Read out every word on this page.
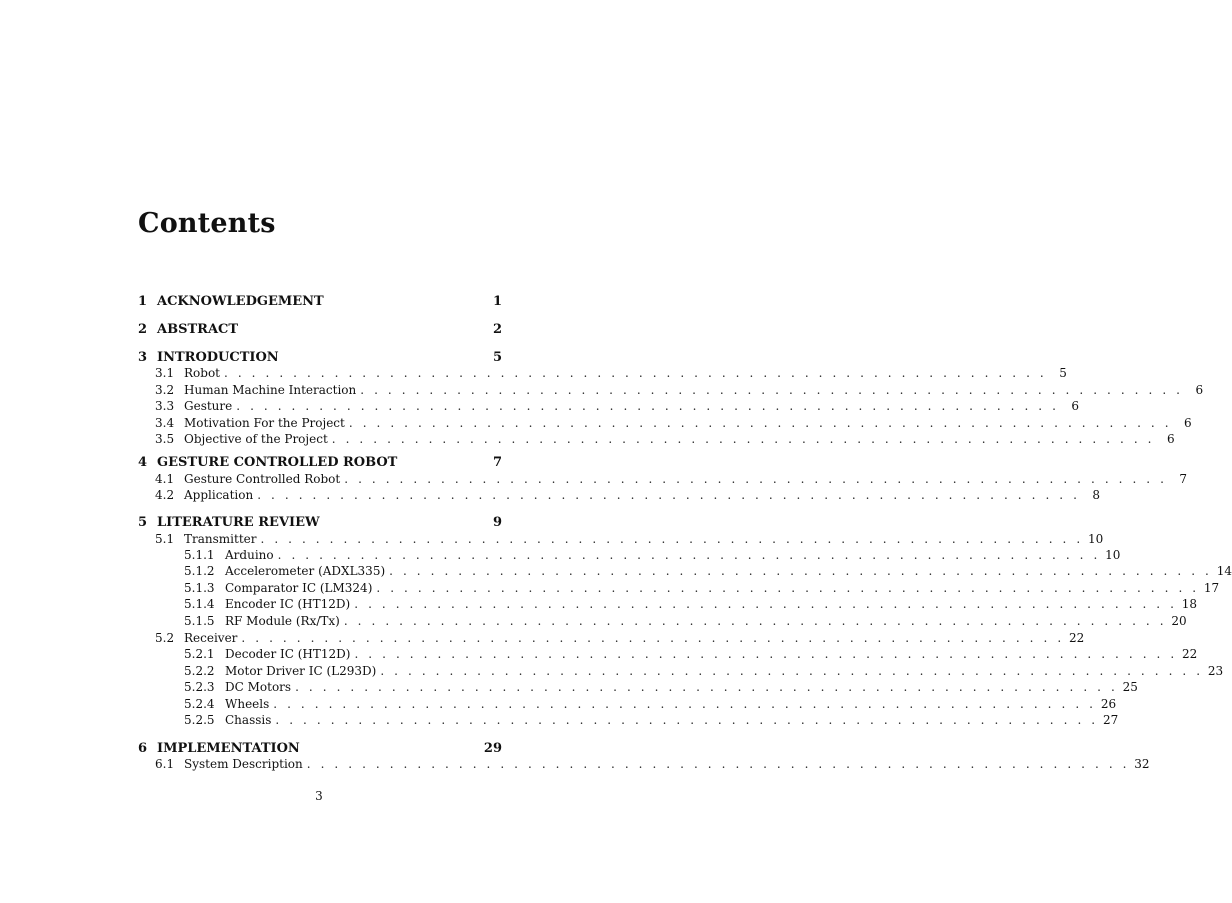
Contents
1 ACKNOWLEDGEMENT	1
2 ABSTRACT	2
3 INTRODUCTION	5
3.1 Robot . . . . . . . . . . . . . . . . . . . . . . . . . . . . . . . . . . . . . . . . . . . . . . . . . . . . . . . . . . . .	5
3.2 Human Machine Interaction . . . . . . . . . . . . . . . . . . . . . . . . . . . . . . . . . . . . . . . . . . . . . . . . . . . . . . . . . . . .	6
3.3 Gesture . . . . . . . . . . . . . . . . . . . . . . . . . . . . . . . . . . . . . . . . . . . . . . . . . . . . . . . . . . . .	6
3.4 Motivation For the Project . . . . . . . . . . . . . . . . . . . . . . . . . . . . . . . . . . . . . . . . . . . . . . . . . . . . . . . . . . . .	6
3.5 Objective of the Project . . . . . . . . . . . . . . . . . . . . . . . . . . . . . . . . . . . . . . . . . . . . . . . . . . . . . . . . . . . .	6
4 GESTURE CONTROLLED ROBOT	7
4.1 Gesture Controlled Robot . . . . . . . . . . . . . . . . . . . . . . . . . . . . . . . . . . . . . . . . . . . . . . . . . . . . . . . . . . . .	7
4.2 Application . . . . . . . . . . . . . . . . . . . . . . . . . . . . . . . . . . . . . . . . . . . . . . . . . . . . . . . . . . . .	8
5 LITERATURE REVIEW	9
5.1 Transmitter . . . . . . . . . . . . . . . . . . . . . . . . . . . . . . . . . . . . . . . . . . . . . . . . . . . . . . . . . . . . 10
5.1.1 Arduino . . . . . . . . . . . . . . . . . . . . . . . . . . . . . . . . . . . . . . . . . . . . . . . . . . . . . . . . . . . . 10
5.1.2 Accelerometer (ADXL335) . . . . . . . . . . . . . . . . . . . . . . . . . . . . . . . . . . . . . . . . . . . . . . . . . . . . . . . . . . . . 14
5.1.3 Comparator IC (LM324) . . . . . . . . . . . . . . . . . . . . . . . . . . . . . . . . . . . . . . . . . . . . . . . . . . . . . . . . . . . . 17
5.1.4 Encoder IC (HT12D) . . . . . . . . . . . . . . . . . . . . . . . . . . . . . . . . . . . . . . . . . . . . . . . . . . . . . . . . . . . . 18
5.1.5 RF Module (Rx/Tx) . . . . . . . . . . . . . . . . . . . . . . . . . . . . . . . . . . . . . . . . . . . . . . . . . . . . . . . . . . . . 20
5.2 Receiver . . . . . . . . . . . . . . . . . . . . . . . . . . . . . . . . . . . . . . . . . . . . . . . . . . . . . . . . . . . . 22
5.2.1 Decoder IC (HT12D) . . . . . . . . . . . . . . . . . . . . . . . . . . . . . . . . . . . . . . . . . . . . . . . . . . . . . . . . . . . . 22
5.2.2 Motor Driver IC (L293D) . . . . . . . . . . . . . . . . . . . . . . . . . . . . . . . . . . . . . . . . . . . . . . . . . . . . . . . . . . . . 23
5.2.3 DC Motors . . . . . . . . . . . . . . . . . . . . . . . . . . . . . . . . . . . . . . . . . . . . . . . . . . . . . . . . . . . . 25
5.2.4 Wheels . . . . . . . . . . . . . . . . . . . . . . . . . . . . . . . . . . . . . . . . . . . . . . . . . . . . . . . . . . . . 26
5.2.5 Chassis . . . . . . . . . . . . . . . . . . . . . . . . . . . . . . . . . . . . . . . . . . . . . . . . . . . . . . . . . . . . 27
6 IMPLEMENTATION	29
6.1 System Description . . . . . . . . . . . . . . . . . . . . . . . . . . . . . . . . . . . . . . . . . . . . . . . . . . . . . . . . . . . . 32
3
